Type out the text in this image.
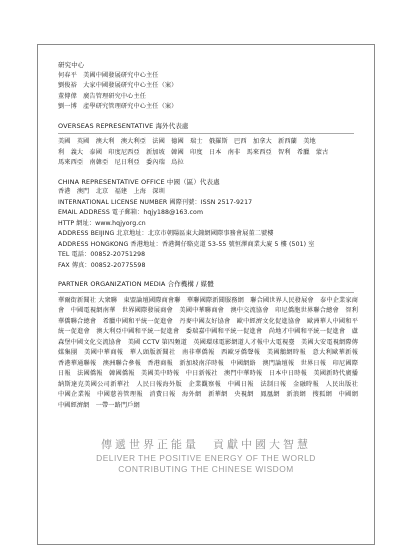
研究中心
何春平　美國中國發展研究中心主任
劉俊裕　大家中國發展研究中心主任（案）
董傳偉　廣告管理研究中心主任
劉一博　產學研究管理研究中心主任（案）
OVERSEAS REPRESENTATIVE 海外代表處
美國　英國　澳大利　澳大利亞　法國　德國　瑞士　俄羅斯　巴西　加拿大　新西蘭　美地
利　義大　泰國　印度尼西亞　新加坡　韓國　印度　日本　南非　馬來西亞　智利　希臘　蒙古
馬來西亞　南韓亞　尼日利亞　委內瑞　烏拉
CHINA REPRESENTATIVE OFFICE 中國（區）代表處
香港　澳門　北京　福建　上海　深圳
INTERNATIONAL LICENSE NUMBER 國際刊號：ISSN 2517-9217
EMAIL ADDRESS 電子郵箱：hqjy188@163.com
HTTP 網址：www.hqjyorg.cn
ADDRESS BEIJING 北京地址：北京市朝陽區東大鐘網國際事務會展董二號樓
ADDRESS HONGKONG 香港地址：香港灣仔駱克道 53-55 號恒澤商業大廈 5 樓 (501) 室
TEL 電話：00852-20751298
FAX 傳真：00852-20775598
PARTNER ORGANIZATION MEDIA 合作機構 / 媒體
華爾街新聞社 大衆聯　東盟論壇國際商會聯　華聯國際新聞服務網　聯合國世界人民發展會　泰中企業家商會　中國電視網南華　世界國際發展商會　美國中華聯商會　澳中交流協會　印尼僑胞世界聯合總會　智利華僑聯合總會　希臘中國和平統一促進會　丹麥中國友好協會　歐中經濟文化促進協會　歐洲華人中國和平統一促進會　澳大利亞中國和平統一促進會　委瑞嘉中國和平統一促進會　尚地才中國和平統一促進會　盧森堡中國文化交流協會　美國 CCTV 第四頻道　英國環球電影網道人才報中大電視臺　美國大安電視網際傳媒集團　美國中華商報　華人頭版新聞社　南非華僑報　西歐牙僑聲報　美國鵝網時報　意大利歐華新報　香港華通聯報　澳洲聯合參報　香港商報　新加坡南洋時報　中國網絡　澳門論壇報　世界日報　印尼國際日報　法國僑報　韓國僑報　美國美中時報　中日新報社　澳門中華時報　日本中日時報　美國新時代廣播　納斯達克美國公司新華社　人民日報海外版　企業觀察報　中國日報　法制日報　金融時報　人民出版社　中國企業報　中國慈善管理報　消費日報　海外網　新華網　央視網　鳳凰網　新浪網　搜狐網　中國網　中國經濟網　一帶一路門戶網
傳遞世界正能量　貢獻中國大智慧
DELIVER THE POSITIVE ENERGY OF THE WORLD
CONTRIBUTING THE CHINESE WISDOM
